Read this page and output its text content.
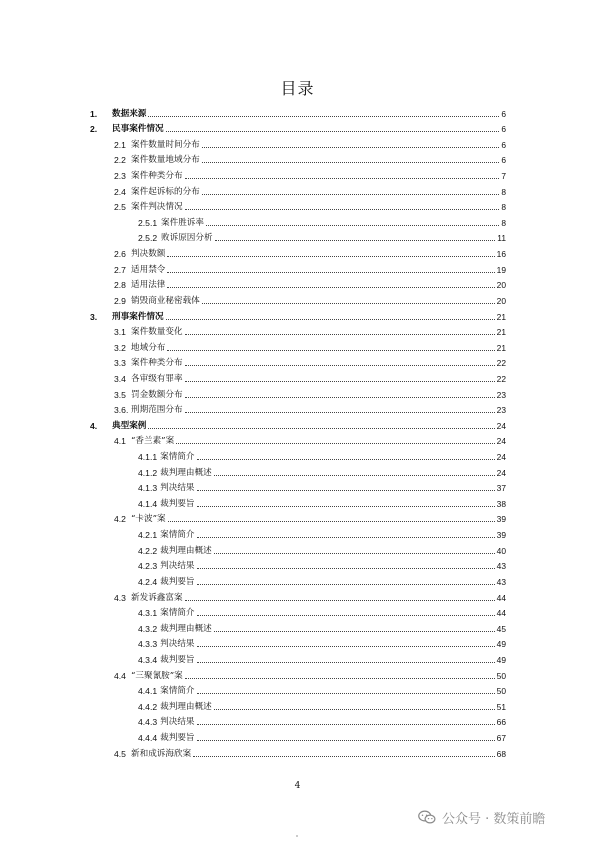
目录
1.	数据来源	6
2.	民事案件情况	6
2.1 案件数量时间分布	6
2.2 案件数量地域分布	6
2.3 案件种类分布	7
2.4 案件起诉标的分布	8
2.5 案件判决情况	8
2.5.1 案件胜诉率	8
2.5.2 败诉原因分析	11
2.6 判决数额	16
2.7 适用禁令	19
2.8 适用法律	20
2.9 销毁商业秘密载体	20
3.	刑事案件情况	21
3.1 案件数量变化	21
3.2 地域分布	21
3.3 案件种类分布	22
3.4 各审级有罪率	22
3.5 罚金数额分布	23
3.6. 刑期范围分布	23
4.	典型案例	24
4.1 “香兰素”案	24
4.1.1 案情简介	24
4.1.2 裁判理由概述	24
4.1.3 判决结果	37
4.1.4 裁判要旨	38
4.2 “卡波”案	39
4.2.1 案情简介	39
4.2.2 裁判理由概述	40
4.2.3 判决结果	43
4.2.4 裁判要旨	43
4.3 新发诉鑫富案	44
4.3.1 案情简介	44
4.3.2 裁判理由概述	45
4.3.3 判决结果	49
4.3.4 裁判要旨	49
4.4 “三聚氰胺”案	50
4.4.1 案情简介	50
4.4.2 裁判理由概述	51
4.4.3 判决结果	66
4.4.4 裁判要旨	67
4.5 新和成诉海欣案	68
4
公众号 · 数策前瞻
